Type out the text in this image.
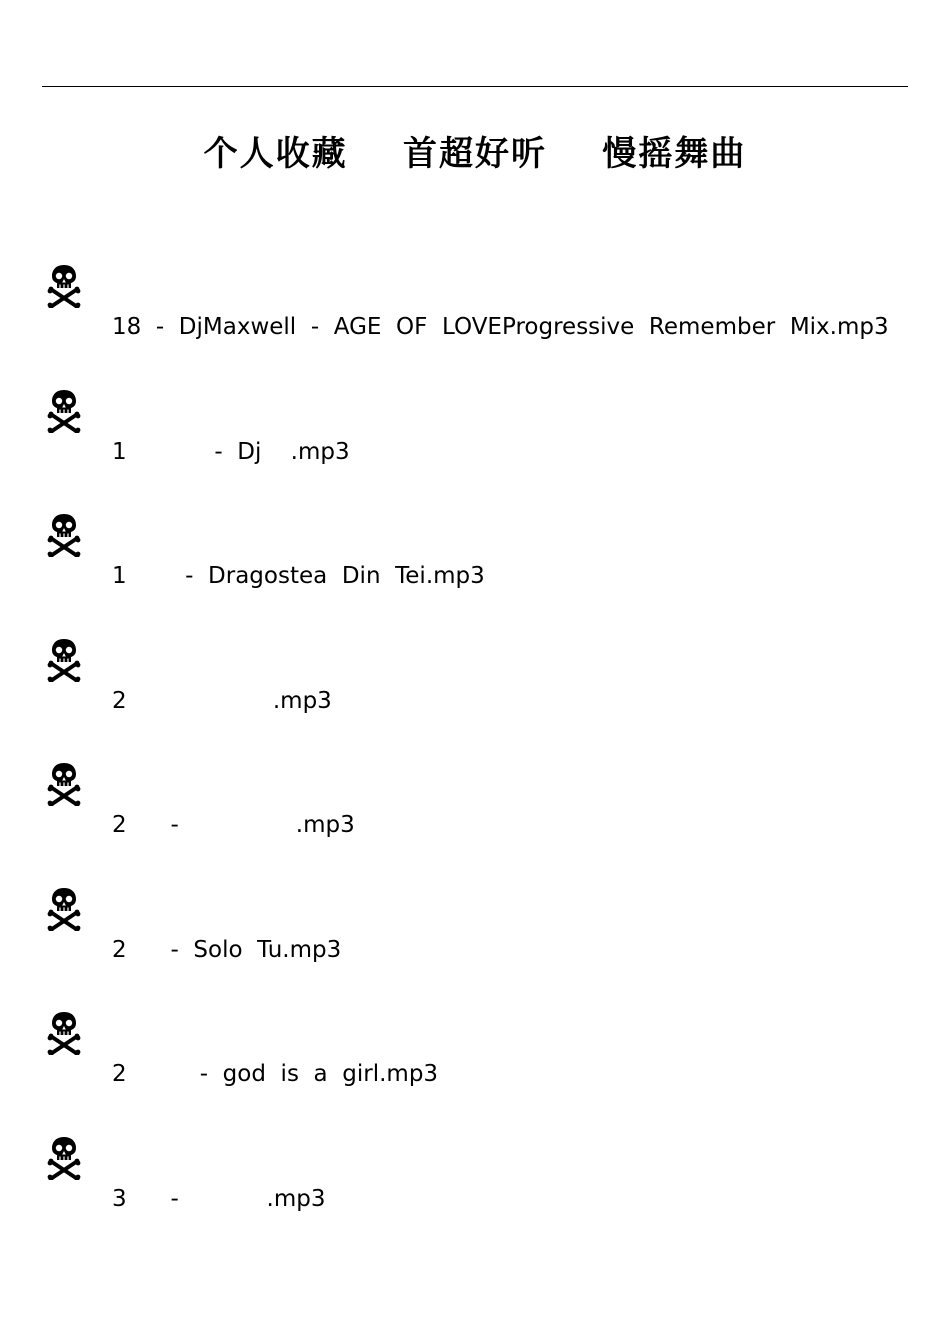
个人收藏    首超好听    慢摇舞曲
18  -  DjMaxwell  -  AGE  OF  LOVE Progressive  Remember  Mix.mp3
1            -  Dj    .mp3
1        -  Dragostea  Din  Tei.mp3
2                    .mp3
2      -                .mp3
2      -  Solo  Tu.mp3
2          -  god  is  a  girl.mp3
3      -            .mp3
